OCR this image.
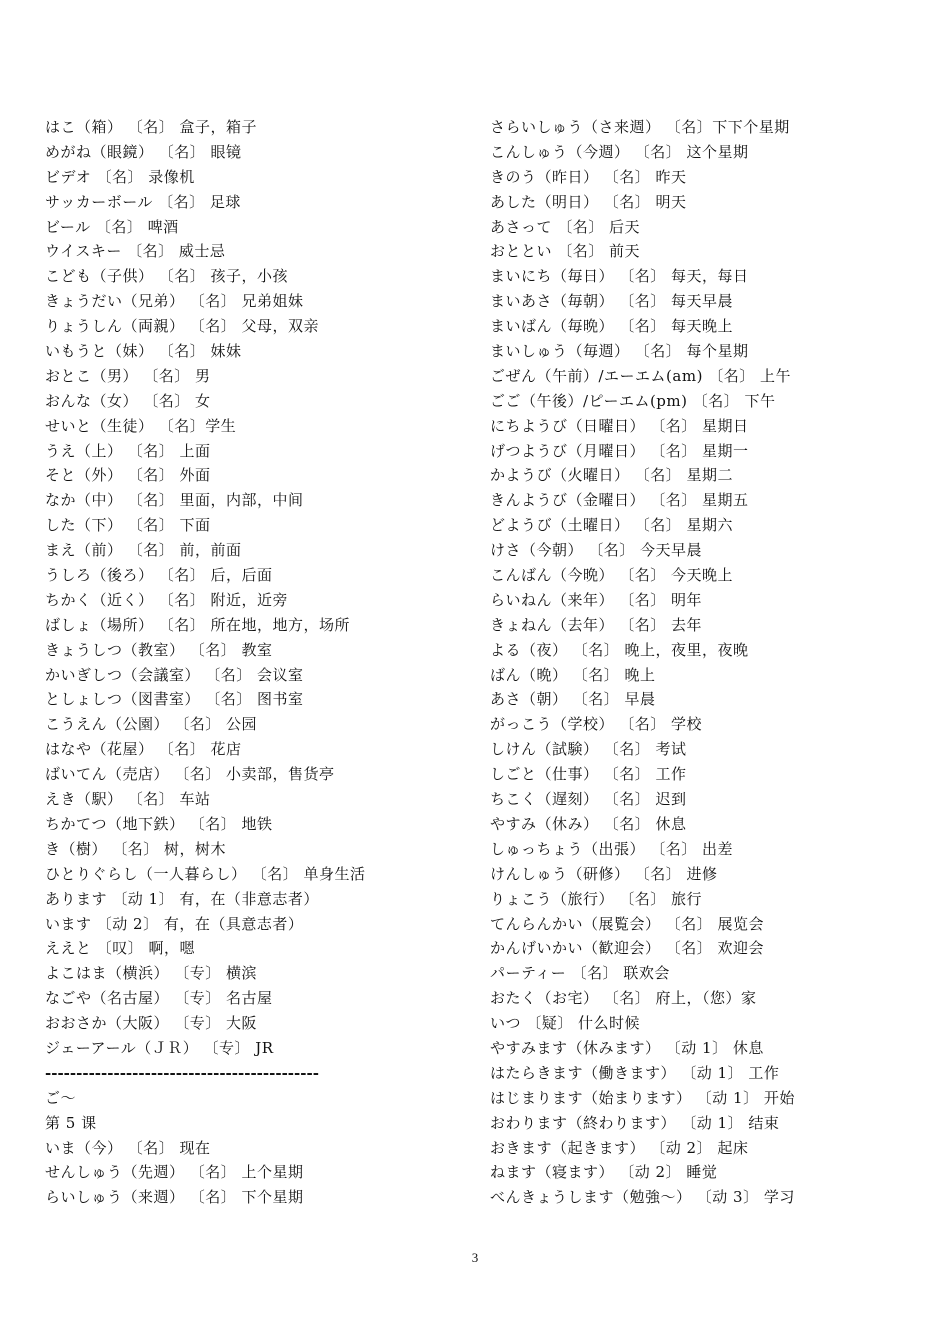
はこ（箱） 〔名〕 盒子，箱子
めがね（眼鏡） 〔名〕 眼镜
ビデオ 〔名〕 录像机
サッカーボール 〔名〕 足球
ビール 〔名〕 啤酒
ウイスキー 〔名〕 威士忌
こども（子供） 〔名〕 孩子，小孩
きょうだい（兄弟） 〔名〕 兄弟姐妹
りょうしん（両親） 〔名〕 父母，双亲
いもうと（妹） 〔名〕 妹妹
おとこ（男） 〔名〕 男
おんな（女） 〔名〕 女
せいと（生徒） 〔名〕学生
うえ（上） 〔名〕 上面
そと（外） 〔名〕 外面
なか（中） 〔名〕 里面，内部，中间
した（下） 〔名〕 下面
まえ（前） 〔名〕 前，前面
うしろ（後ろ） 〔名〕 后，后面
ちかく（近く） 〔名〕 附近，近旁
ばしょ（場所） 〔名〕 所在地，地方，场所
きょうしつ（教室） 〔名〕 教室
かいぎしつ（会議室） 〔名〕 会议室
としょしつ（図書室） 〔名〕 图书室
こうえん（公園） 〔名〕 公园
はなや（花屋） 〔名〕 花店
ばいてん（売店） 〔名〕 小卖部，售货亭
えき（駅） 〔名〕 车站
ちかてつ（地下鉄） 〔名〕 地铁
き（樹） 〔名〕 树，树木
ひとりぐらし（一人暮らし） 〔名〕 单身生活
あります 〔动 1〕 有，在（非意志者）
います 〔动 2〕 有，在（具意志者）
ええと 〔叹〕 啊，嗯
よこはま（横浜） 〔专〕 横滨
なごや（名古屋） 〔专〕 名古屋
おおさか（大阪） 〔专〕 大阪
ジェーアール（ＪＲ） 〔专〕 JR
--------------------------------------------
ご～
第 5 课
いま（今） 〔名〕 现在
せんしゅう（先週） 〔名〕 上个星期
らいしゅう（来週） 〔名〕 下个星期
さらいしゅう（さ来週） 〔名〕下下个星期
こんしゅう（今週） 〔名〕 这个星期
きのう（昨日） 〔名〕 昨天
あした（明日） 〔名〕 明天
あさって 〔名〕 后天
おととい 〔名〕 前天
まいにち（毎日） 〔名〕 每天，每日
まいあさ（毎朝） 〔名〕 每天早晨
まいばん（毎晩） 〔名〕 每天晚上
まいしゅう（毎週） 〔名〕 每个星期
ごぜん（午前）/エーエム(am) 〔名〕 上午
ごご（午後）/ピーエム(pm) 〔名〕 下午
にちようび（日曜日） 〔名〕 星期日
げつようび（月曜日） 〔名〕 星期一
かようび（火曜日） 〔名〕 星期二
きんようび（金曜日） 〔名〕 星期五
どようび（土曜日） 〔名〕 星期六
けさ（今朝） 〔名〕 今天早晨
こんばん（今晩） 〔名〕 今天晚上
らいねん（来年） 〔名〕 明年
きょねん（去年） 〔名〕 去年
よる（夜） 〔名〕 晚上，夜里，夜晚
ばん（晩） 〔名〕 晚上
あさ（朝） 〔名〕 早晨
がっこう（学校） 〔名〕 学校
しけん（試験） 〔名〕 考试
しごと（仕事） 〔名〕 工作
ちこく（遅刻） 〔名〕 迟到
やすみ（休み） 〔名〕 休息
しゅっちょう（出張） 〔名〕 出差
けんしゅう（研修） 〔名〕 进修
りょこう（旅行） 〔名〕 旅行
てんらんかい（展覧会） 〔名〕 展览会
かんげいかい（歓迎会） 〔名〕 欢迎会
パーティー 〔名〕 联欢会
おたく（お宅） 〔名〕 府上，（您）家
いつ 〔疑〕 什么时候
やすみます（休みます） 〔动 1〕 休息
はたらきます（働きます） 〔动 1〕 工作
はじまります（始まります） 〔动 1〕 开始
おわります（終わります） 〔动 1〕 结束
おきます（起きます） 〔动 2〕 起床
ねます（寝ます） 〔动 2〕 睡觉
べんきょうします（勉強～） 〔动 3〕 学习
3
